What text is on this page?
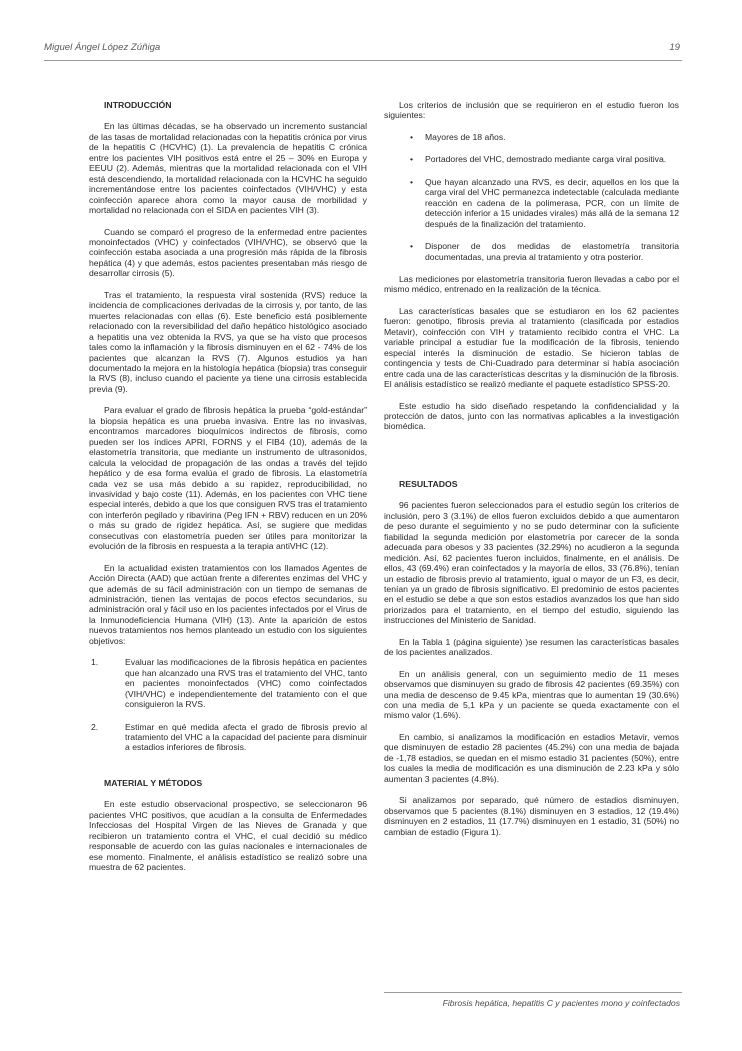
Miguel Ángel López Zúñiga	19

INTRODUCCIÓN

En las últimas décadas, se ha observado un incremento sustancial de las tasas de mortalidad relacionadas con la hepatitis crónica por virus de la hepatitis C (HCVHC) (1). La prevalencia de hepatitis C crónica entre los pacientes VIH positivos está entre el 25 – 30% en Europa y EEUU (2). Además, mientras que la mortalidad relacionada con el VIH está descendiendo, la mortalidad relacionada con la HCVHC ha seguido incrementándose entre los pacientes coinfectados (VIH/VHC) y esta coinfección aparece ahora como la mayor causa de morbilidad y mortalidad no relacionada con el SIDA en pacientes VIH (3).

Cuando se comparó el progreso de la enfermedad entre pacientes monoinfectados (VHC) y coinfectados (VIH/VHC), se observó que la coinfección estaba asociada a una progresión más rápida de la fibrosis hepática (4) y que además, estos pacientes presentaban más riesgo de desarrollar cirrosis (5).

Tras el tratamiento, la respuesta viral sostenida (RVS) reduce la incidencia de complicaciones derivadas de la cirrosis y, por tanto, de las muertes relacionadas con ellas (6). Este beneficio está posiblemente relacionado con la reversibilidad del daño hepático histológico asociado a hepatitis una vez obtenida la RVS, ya que se ha visto que procesos tales como la inflamación y la fibrosis disminuyen en el 62 - 74% de los pacientes que alcanzan la RVS (7). Algunos estudios ya han documentado la mejora en la histología hepática (biopsia) tras conseguir la RVS (8), incluso cuando el paciente ya tiene una cirrosis establecida previa (9).

Para evaluar el grado de fibrosis hepática la prueba “gold-estándar” la biopsia hepática es una prueba invasiva. Entre las no invasivas, encontramos marcadores bioquímicos indirectos de fibrosis, como pueden ser los índices APRI, FORNS y el FIB4 (10), además de la elastometría transitoria, que mediante un instrumento de ultrasonidos, calcula la velocidad de propagación de las ondas a través del tejido hepático y de esa forma evalúa el grado de fibrosis. La elastometría cada vez se usa más debido a su rapidez, reproducibilidad, no invasividad y bajo coste (11). Además, en los pacientes con VHC tiene especial interés, debido a que los que consiguen RVS tras el tratamiento con interferón pegilado y ribavirina (Peg IFN + RBV) reducen en un 20% o más su grado de rigidez hepática. Así, se sugiere que medidas consecutivas con elastometría pueden ser útiles para monitorizar la evolución de la fibrosis en respuesta a la terapia antiVHC (12).

En la actualidad existen tratamientos con los llamados Agentes de Acción Directa (AAD) que actúan frente a diferentes enzimas del VHC y que además de su fácil administración con un tiempo de semanas de administración, tienen las ventajas de pocos efectos secundarios, su administración oral y fácil uso en los pacientes infectados por el Virus de la Inmunodeficiencia Humana (VIH) (13). Ante la aparición de estos nuevos tratamientos nos hemos planteado un estudio con los siguientes objetivos:

1.	Evaluar las modificaciones de la fibrosis hepática en pacientes que han alcanzado una RVS tras el tratamiento del VHC, tanto en pacientes monoinfectados (VHC) como coinfectados (VIH/VHC) e independientemente del tratamiento con el que consiguieron la RVS.
2.	Estimar en qué medida afecta el grado de fibrosis previo al tratamiento del VHC a la capacidad del paciente para disminuir a estadios inferiores de fibrosis.

MATERIAL Y MÉTODOS

En este estudio observacional prospectivo, se seleccionaron 96 pacientes VHC positivos, que acudían a la consulta de Enfermedades Infecciosas del Hospital Virgen de las Nieves de Granada y que recibieron un tratamiento contra el VHC, el cual decidió su médico responsable de acuerdo con las guías nacionales e internacionales de ese momento. Finalmente, el análisis estadístico se realizó sobre una muestra de 62 pacientes.

Los criterios de inclusión que se requirieron en el estudio fueron los siguientes:

• Mayores de 18 años.
• Portadores del VHC, demostrado mediante carga viral positiva.
• Que hayan alcanzado una RVS, es decir, aquellos en los que la carga viral del VHC permanezca indetectable (calculada mediante reacción en cadena de la polimerasa, PCR, con un límite de detección inferior a 15 unidades virales) más allá de la semana 12 después de la finalización del tratamiento.
• Disponer de dos medidas de elastometría transitoria documentadas, una previa al tratamiento y otra posterior.

Las mediciones por elastometría transitoria fueron llevadas a cabo por el mismo médico, entrenado en la realización de la técnica.

Las características basales que se estudiaron en los 62 pacientes fueron: genotipo, fibrosis previa al tratamiento (clasificada por estadios Metavir), coinfección con VIH y tratamiento recibido contra el VHC. La variable principal a estudiar fue la modificación de la fibrosis, teniendo especial interés la disminución de estadio. Se hicieron tablas de contingencia y tests de Chi-Cuadrado para determinar si había asociación entre cada una de las características descritas y la disminución de la fibrosis. El análisis estadístico se realizó mediante el paquete estadístico SPSS-20.

Este estudio ha sido diseñado respetando la confidencialidad y la protección de datos, junto con las normativas aplicables a la investigación biomédica.

RESULTADOS

96 pacientes fueron seleccionados para el estudio según los criterios de inclusión, pero 3 (3.1%) de ellos fueron excluidos debido a que aumentaron de peso durante el seguimiento y no se pudo determinar con la suficiente fiabilidad la segunda medición por elastometría por carecer de la sonda adecuada para obesos y 33 pacientes (32.29%) no acudieron a la segunda medición. Así, 62 pacientes fueron incluidos, finalmente, en el análisis. De ellos, 43 (69.4%) eran coinfectados y la mayoría de ellos, 33 (76.8%), tenían un estadio de fibrosis previo al tratamiento, igual o mayor de un F3, es decir, tenían ya un grado de fibrosis significativo. El predominio de estos pacientes en el estudio se debe a que son estos estadios avanzados los que han sido priorizados para el tratamiento, en el tiempo del estudio, siguiendo las instrucciones del Ministerio de Sanidad.

En la Tabla 1 (página siguiente) )se resumen las características basales de los pacientes analizados.

En un análisis general, con un seguimiento medio de 11 meses observamos que disminuyen su grado de fibrosis 42 pacientes (69.35%) con una media de descenso de 9.45 kPa, mientras que lo aumentan 19 (30.6%) con una media de 5,1 kPa y un paciente se queda exactamente con el mismo valor (1.6%).

En cambio, si analizamos la modificación en estadios Metavir, vemos que disminuyen de estadio 28 pacientes (45.2%) con una media de bajada de -1,78 estadios, se quedan en el mismo estadio 31 pacientes (50%), entre los cuales la media de modificación es una disminución de 2.23 kPa y sólo aumentan 3 pacientes (4.8%).

Si analizamos por separado, qué número de estadios disminuyen, observamos que 5 pacientes (8.1%) disminuyen en 3 estadios, 12 (19.4%) disminuyen en 2 estadios, 11 (17.7%) disminuyen en 1 estadio, 31 (50%) no cambian de estadio (Figura 1).

Fibrosis hepática, hepatitis C y pacientes mono y coinfectados
